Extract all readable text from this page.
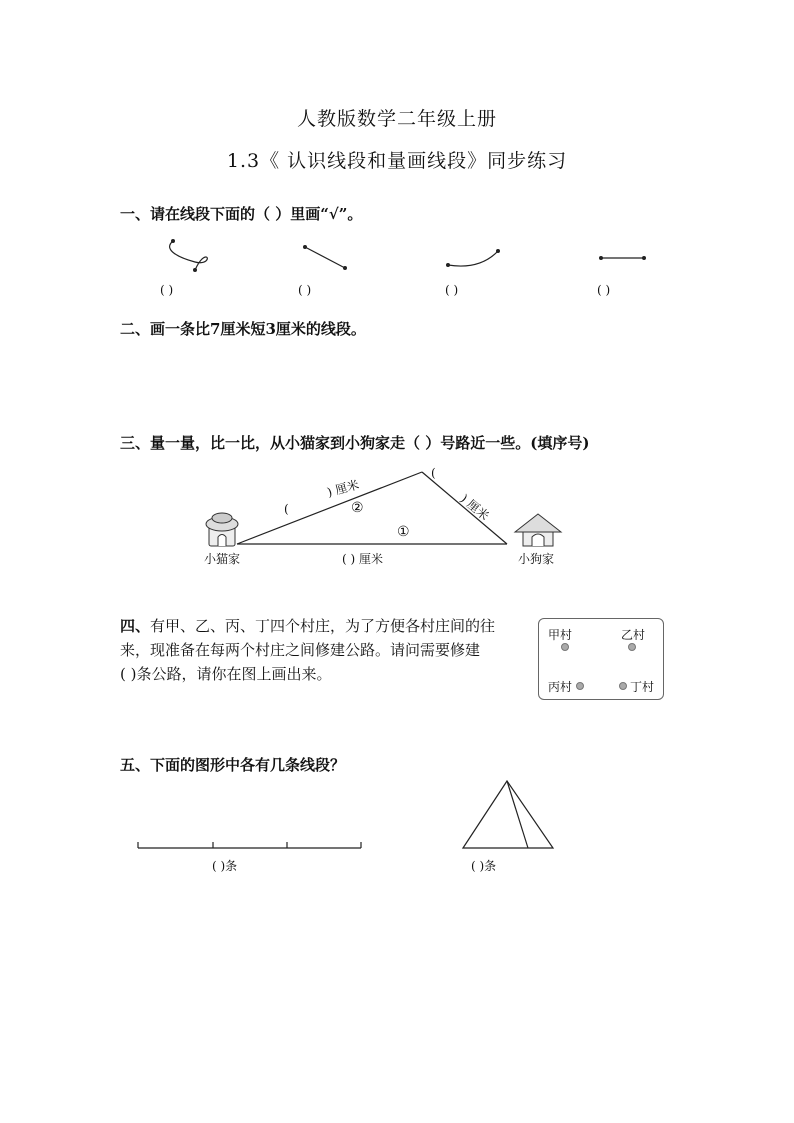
人教版数学二年级上册
1.3《 认识线段和量画线段》同步练习
一、请在线段下面的（ ）里画“√”。
( )	( )	( )	( )
二、画一条比7厘米短3厘米的线段。
三、量一量，比一比，从小猫家到小狗家走（ ）号路近一些。(填序号)
小猫家	小狗家
①
②
( ) 厘米
(
) 厘米
(
) 厘米
四、有甲、乙、丙、丁四个村庄，为了方便各村庄间的往
来，现准备在每两个村庄之间修建公路。请问需要修建
( )条公路，请你在图上画出来。
甲村	乙村
丙村	丁村
五、下面的图形中各有几条线段？
( )条	( )条
